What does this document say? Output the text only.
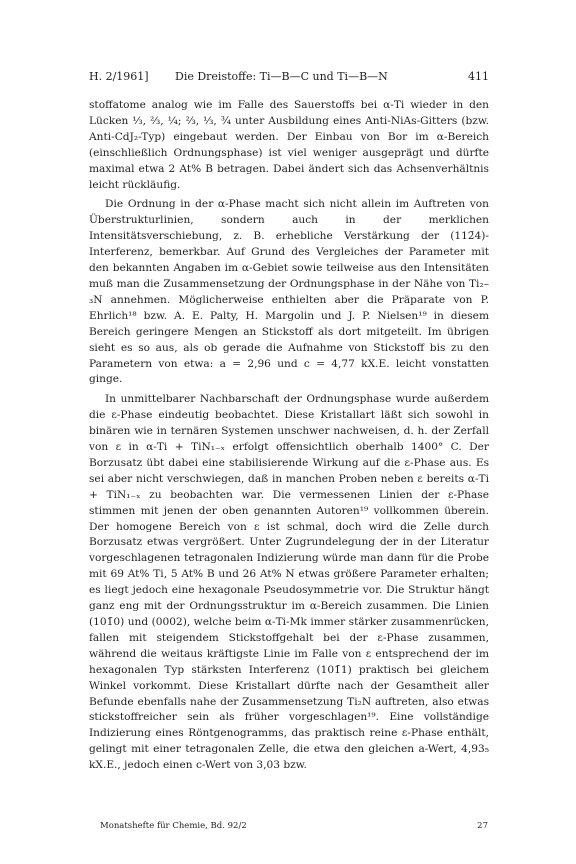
H. 2/1961] Die Dreistoffe: Ti—B—C und Ti—B—N	411

stoffatome analog wie im Falle des Sauerstoffs bei α-Ti wieder in den Lücken ⅓, ⅔, ¼; ⅔, ⅓, ¾ unter Ausbildung eines Anti-NiAs-Gitters (bzw. Anti-CdJ₂-Typ) eingebaut werden. Der Einbau von Bor im α-Bereich (einschließlich Ordnungsphase) ist viel weniger ausgeprägt und dürfte maximal etwa 2 At% B betragen. Dabei ändert sich das Achsenverhältnis leicht rückläufig.

Die Ordnung in der α-Phase macht sich nicht allein im Auftreten von Überstrukturlinien, sondern auch in der merklichen Intensitätsverschiebung, z. B. erhebliche Verstärkung der (112̄4)-Interferenz, bemerkbar. Auf Grund des Vergleiches der Parameter mit den bekannten Angaben im α-Gebiet sowie teilweise aus den Intensitäten muß man die Zusammensetzung der Ordnungsphase in der Nähe von Ti₂–₃N annehmen. Möglicherweise enthielten aber die Präparate von P. Ehrlich¹⁸ bzw. A. E. Palty, H. Margolin und J. P. Nielsen¹⁹ in diesem Bereich geringere Mengen an Stickstoff als dort mitgeteilt. Im übrigen sieht es so aus, als ob gerade die Aufnahme von Stickstoff bis zu den Parametern von etwa: a = 2,96 und c = 4,77 kX.E. leicht vonstatten ginge.

In unmittelbarer Nachbarschaft der Ordnungsphase wurde außerdem die ε-Phase eindeutig beobachtet. Diese Kristallart läßt sich sowohl in binären wie in ternären Systemen unschwer nachweisen, d. h. der Zerfall von ε in α-Ti + TiN₁₋ₓ erfolgt offensichtlich oberhalb 1400° C. Der Borzusatz übt dabei eine stabilisierende Wirkung auf die ε-Phase aus. Es sei aber nicht verschwiegen, daß in manchen Proben neben ε bereits α-Ti + TiN₁₋ₓ zu beobachten war. Die vermessenen Linien der ε-Phase stimmen mit jenen der oben genannten Autoren¹⁹ vollkommen überein. Der homogene Bereich von ε ist schmal, doch wird die Zelle durch Borzusatz etwas vergrößert. Unter Zugrundelegung der in der Literatur vorgeschlagenen tetragonalen Indizierung würde man dann für die Probe mit 69 At% Ti, 5 At% B und 26 At% N etwas größere Parameter erhalten; es liegt jedoch eine hexagonale Pseudosymmetrie vor. Die Struktur hängt ganz eng mit der Ordnungsstruktur im α-Bereich zusammen. Die Linien (101̄0) und (0002), welche beim α-Ti-Mk immer stärker zusammenrücken, fallen mit steigendem Stickstoffgehalt bei der ε-Phase zusammen, während die weitaus kräftigste Linie im Falle von ε entsprechend der im hexagonalen Typ stärksten Interferenz (101̄1) praktisch bei gleichem Winkel vorkommt. Diese Kristallart dürfte nach der Gesamtheit aller Befunde ebenfalls nahe der Zusammensetzung Ti₂N auftreten, also etwas stickstoffreicher sein als früher vorgeschlagen¹⁹. Eine vollständige Indizierung eines Röntgenogramms, das praktisch reine ε-Phase enthält, gelingt mit einer tetragonalen Zelle, die etwa den gleichen a-Wert, 4,93₅ kX.E., jedoch einen c-Wert von 3,03 bzw.

Monatshefte für Chemie, Bd. 92/2	27
